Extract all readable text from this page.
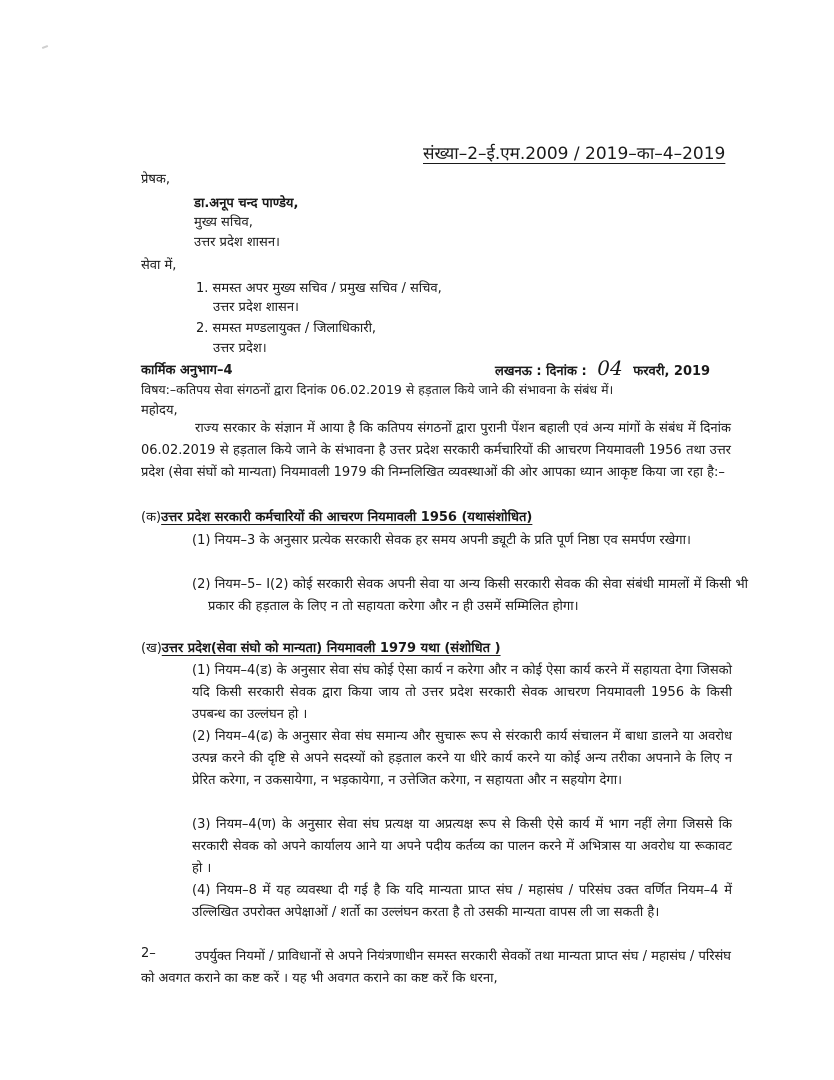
संख्या–2–ई.एम.2009 / 2019–का–4–2019
प्रेषक,
डा.अनूप चन्द पाण्डेय,
मुख्य सचिव,
उत्तर प्रदेश शासन।
सेवा में,
1. समस्त अपर मुख्य सचिव / प्रमुख सचिव / सचिव,
उत्तर प्रदेश शासन।
2. समस्त मण्डलायुक्त / जिलाधिकारी,
उत्तर प्रदेश।
कार्मिक अनुभाग–4	लखनऊ : दिनांक : 04 फरवरी, 2019
विषय:–कतिपय सेवा संगठनों द्वारा दिनांक 06.02.2019 से हड़ताल किये जाने की संभावना के संबंध में।
महोदय,
राज्य सरकार के संज्ञान में आया है कि कतिपय संगठनों द्वारा पुरानी पेंशन बहाली एवं अन्य मांगों के संबंध में दिनांक 06.02.2019 से हड़ताल किये जाने के संभावना है उत्तर प्रदेश सरकारी कर्मचारियों की आचरण नियमावली 1956 तथा उत्तर प्रदेश (सेवा संघों को मान्यता) नियमावली 1979 की निम्नलिखित व्यवस्थाओं की ओर आपका ध्यान आकृष्ट किया जा रहा है:–
(क)उत्तर प्रदेश सरकारी कर्मचारियों की आचरण नियमावली 1956 (यथासंशोधित)
(1) नियम–3 के अनुसार प्रत्येक सरकारी सेवक हर समय अपनी ड्यूटी के प्रति पूर्ण निष्ठा एव समर्पण रखेगा।
(2) नियम–5– I(2) कोई सरकारी सेवक अपनी सेवा या अन्य किसी सरकारी सेवक की सेवा संबंधी मामलों में किसी भी प्रकार की हड़ताल के लिए न तो सहायता करेगा और न ही उसमें सम्मिलित होगा।
(ख)उत्तर प्रदेश(सेवा संघो को मान्यता) नियमावली 1979 यथा (संशोधित )
(1) नियम–4(ड) के अनुसार सेवा संघ कोई ऐसा कार्य न करेगा और न कोई ऐसा कार्य करने में सहायता देगा जिसको यदि किसी सरकारी सेवक द्वारा किया जाय तो उत्तर प्रदेश सरकारी सेवक आचरण नियमावली 1956 के किसी उपबन्ध का उल्लंघन हो ।
(2) नियम–4(ढ) के अनुसार सेवा संघ समान्य और सुचारू रूप से संरकारी कार्य संचालन में बाधा डालने या अवरोध उत्पन्न करने की दृष्टि से अपने सदस्यों को हड़ताल करने या धीरे कार्य करने या कोई अन्य तरीका अपनाने के लिए न प्रेरित करेगा, न उकसायेगा, न भड़कायेगा, न उत्तेजित करेगा, न सहायता और न सहयोग देगा।
(3) नियम–4(ण) के अनुसार सेवा संघ प्रत्यक्ष या अप्रत्यक्ष रूप से किसी ऐसे कार्य में भाग नहीं लेगा जिससे कि सरकारी सेवक को अपने कार्यालय आने या अपने पदीय कर्तव्य का पालन करने में अभित्रास या अवरोध या रूकावट हो ।
(4) नियम–8 में यह व्यवस्था दी गई है कि यदि मान्यता प्राप्त संघ / महासंघ / परिसंघ उक्त वर्णित नियम–4 में उल्लिखित उपरोक्त अपेक्षाओं / शर्तो का उल्लंघन करता है तो उसकी मान्यता वापस ली जा सकती है।
2–	उपर्युक्त नियमों / प्राविधानों से अपने नियंत्रणाधीन समस्त सरकारी सेवकों तथा मान्यता प्राप्त संघ / महासंघ / परिसंघ को अवगत कराने का कष्ट करें । यह भी अवगत कराने का कष्ट करें कि धरना,
